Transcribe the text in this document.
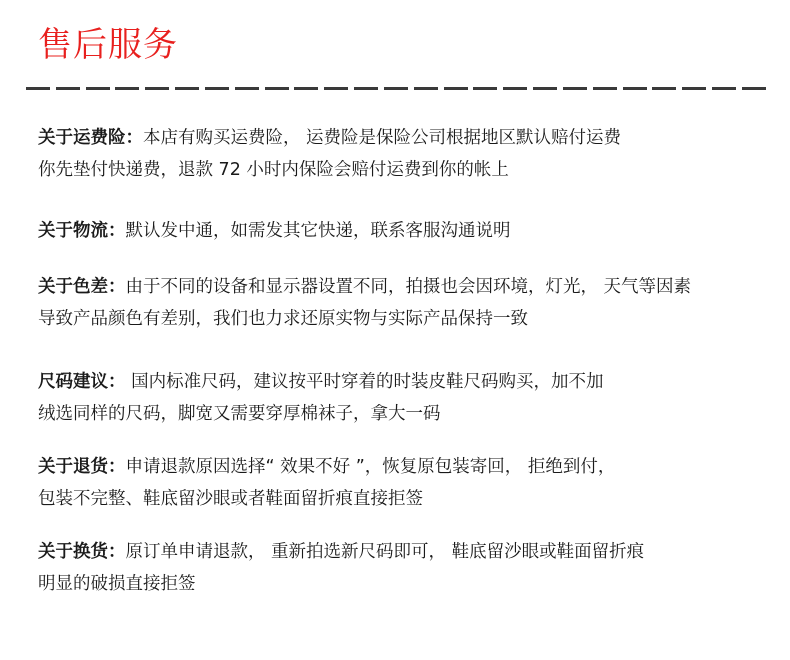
售后服务
关于运费险：本店有购买运费险， 运费险是保险公司根据地区默认赔付运费
你先垫付快递费，退款 72 小时内保险会赔付运费到你的帐上
关于物流：默认发中通，如需发其它快递，联系客服沟通说明
关于色差：由于不同的设备和显示器设置不同，拍摄也会因环境，灯光， 天气等因素
导致产品颜色有差别，我们也力求还原实物与实际产品保持一致
尺码建议： 国内标准尺码，建议按平时穿着的时装皮鞋尺码购买，加不加
绒选同样的尺码，脚宽又需要穿厚棉袜子，拿大一码
关于退货：申请退款原因选择“ 效果不好 ”，恢复原包装寄回， 拒绝到付，
包装不完整、鞋底留沙眼或者鞋面留折痕直接拒签
关于换货：原订单申请退款， 重新拍选新尺码即可， 鞋底留沙眼或鞋面留折痕
明显的破损直接拒签
